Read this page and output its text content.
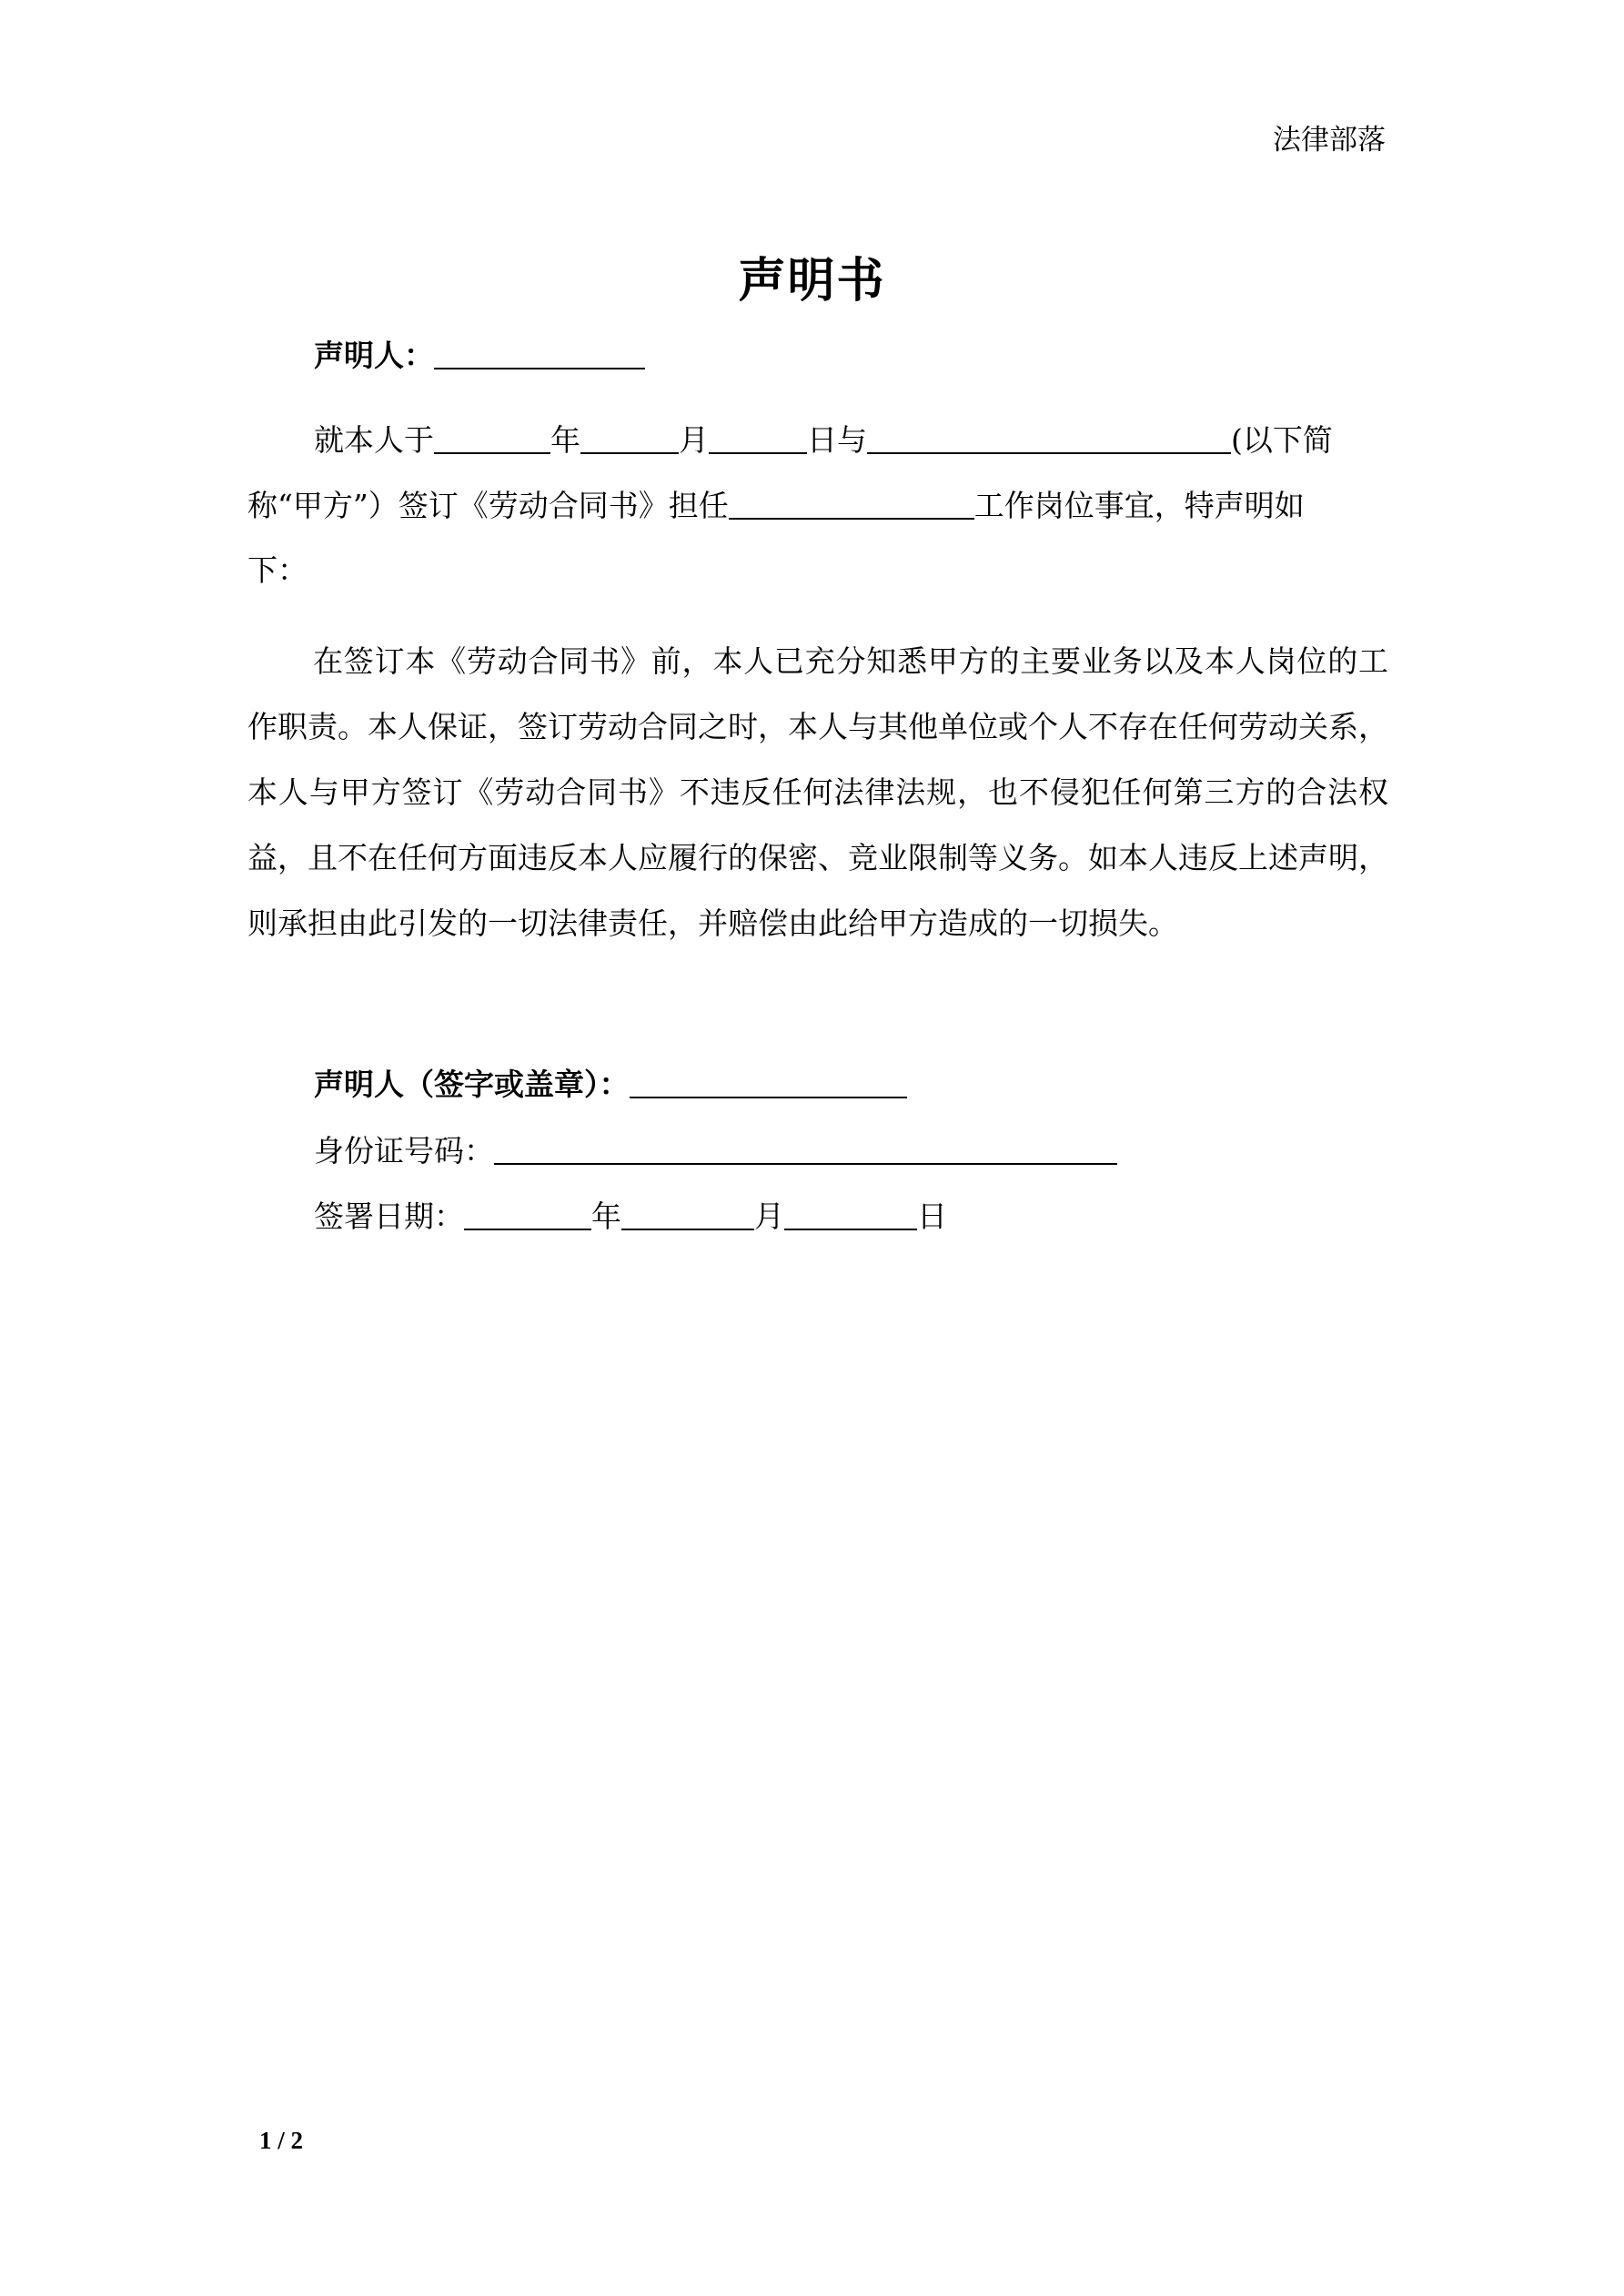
法律部落
声明书
声明人：
就本人于	年	月	日与	(以下简
称“甲方”）签订《劳动合同书》担任	工作岗位事宜，特声明如
下：
在签订本《劳动合同书》前，本人已充分知悉甲方的主要业务以及本人岗位的工作职责。本人保证，签订劳动合同之时，本人与其他单位或个人不存在任何劳动关系，本人与甲方签订《劳动合同书》不违反任何法律法规，也不侵犯任何第三方的合法权益，且不在任何方面违反本人应履行的保密、竞业限制等义务。如本人违反上述声明，则承担由此引发的一切法律责任，并赔偿由此给甲方造成的一切损失。
声明人（签字或盖章）：
身份证号码：
签署日期：	年	月	日
1 / 2
